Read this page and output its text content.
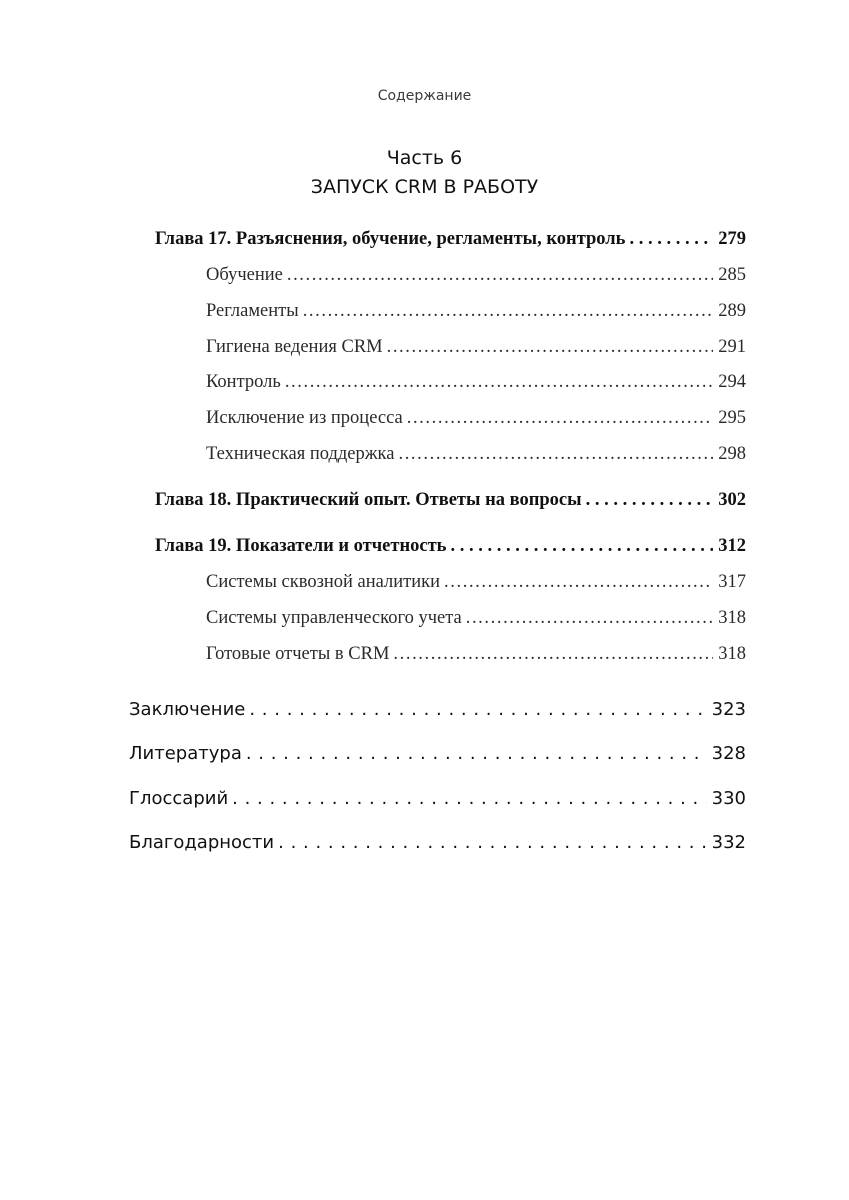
Содержание
Часть 6
ЗАПУСК CRM В РАБОТУ
Глава 17. Разъяснения, обучение, регламенты, контроль . . .	279
Обучение .....	285
Регламенты .....	289
Гигиена ведения CRM .....	291
Контроль .....	294
Исключение из процесса .....	295
Техническая поддержка .....	298
Глава 18. Практический опыт. Ответы на вопросы . . .	302
Глава 19. Показатели и отчетность . . .	312
Системы сквозной аналитики .....	317
Системы управленческого учета .....	318
Готовые отчеты в CRM .....	318
Заключение . . .	323
Литература . . .	328
Глоссарий . . .	330
Благодарности . . .	332
